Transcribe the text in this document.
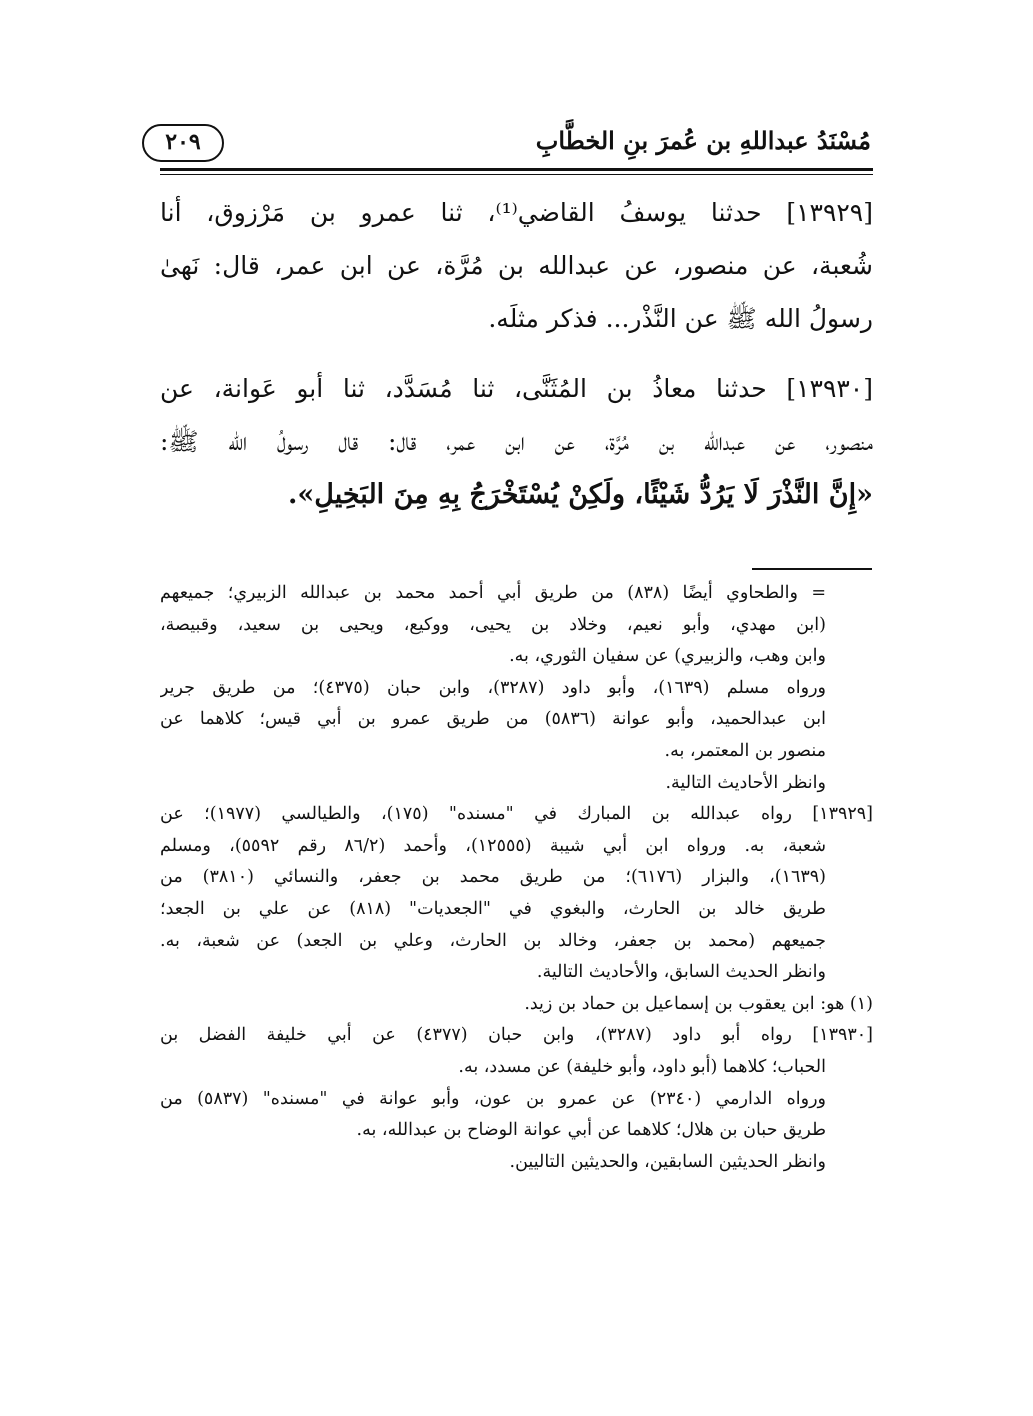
مُسْنَدُ عبداللهِ بن عُمرَ بنِ الخطَّابِ
٢٠٩
[١٣٩٢٩] حدثنا يوسفُ القاضي⁽¹⁾، ثنا عمرو بن مَرْزوق، أنا
شُعبة، عن منصور، عن عبدالله بن مُرَّة، عن ابن عمر، قال: نَهىٰ
رسولُ الله ﷺ عن النَّذْر... فذكر مثلَه.
[١٣٩٣٠] حدثنا معاذُ بن المُثَنَّى، ثنا مُسَدَّد، ثنا أبو عَوانة، عن
منصور، عن عبدالله بن مُرَّة، عن ابن عمر، قال: قال رسولُ الله ﷺ:
«إِنَّ النَّذْرَ لَا يَرُدُّ شَيْئًا، ولَكِنْ يُسْتَخْرَجُ بِهِ مِنَ البَخِيلِ».
= والطحاوي أيضًا (٨٣٨) من طريق أبي أحمد محمد بن عبدالله الزبيري؛ جميعهم
(ابن مهدي، وأبو نعيم، وخلاد بن يحيى، ووكيع، ويحيى بن سعيد، وقبيصة،
وابن وهب، والزبيري) عن سفيان الثوري، به.
ورواه مسلم (١٦٣٩)، وأبو داود (٣٢٨٧)، وابن حبان (٤٣٧٥)؛ من طريق جرير
ابن عبدالحميد، وأبو عوانة (٥٨٣٦) من طريق عمرو بن أبي قيس؛ كلاهما عن
منصور بن المعتمر، به.
وانظر الأحاديث التالية.
[١٣٩٢٩] رواه عبدالله بن المبارك في "مسنده" (١٧٥)، والطيالسي (١٩٧٧)؛ عن
شعبة، به. ورواه ابن أبي شيبة (١٢٥٥٥)، وأحمد (٨٦/٢ رقم ٥٥٩٢)، ومسلم
(١٦٣٩)، والبزار (٦١٧٦)؛ من طريق محمد بن جعفر، والنسائي (٣٨١٠) من
طريق خالد بن الحارث، والبغوي في "الجعديات" (٨١٨) عن علي بن الجعد؛
جميعهم (محمد بن جعفر، وخالد بن الحارث، وعلي بن الجعد) عن شعبة، به.
وانظر الحديث السابق، والأحاديث التالية.
(١) هو: ابن يعقوب بن إسماعيل بن حماد بن زيد.
[١٣٩٣٠] رواه أبو داود (٣٢٨٧)، وابن حبان (٤٣٧٧) عن أبي خليفة الفضل بن
الحباب؛ كلاهما (أبو داود، وأبو خليفة) عن مسدد، به.
ورواه الدارمي (٢٣٤٠) عن عمرو بن عون، وأبو عوانة في "مسنده" (٥٨٣٧) من
طريق حبان بن هلال؛ كلاهما عن أبي عوانة الوضاح بن عبدالله، به.
وانظر الحديثين السابقين، والحديثين التاليين.
